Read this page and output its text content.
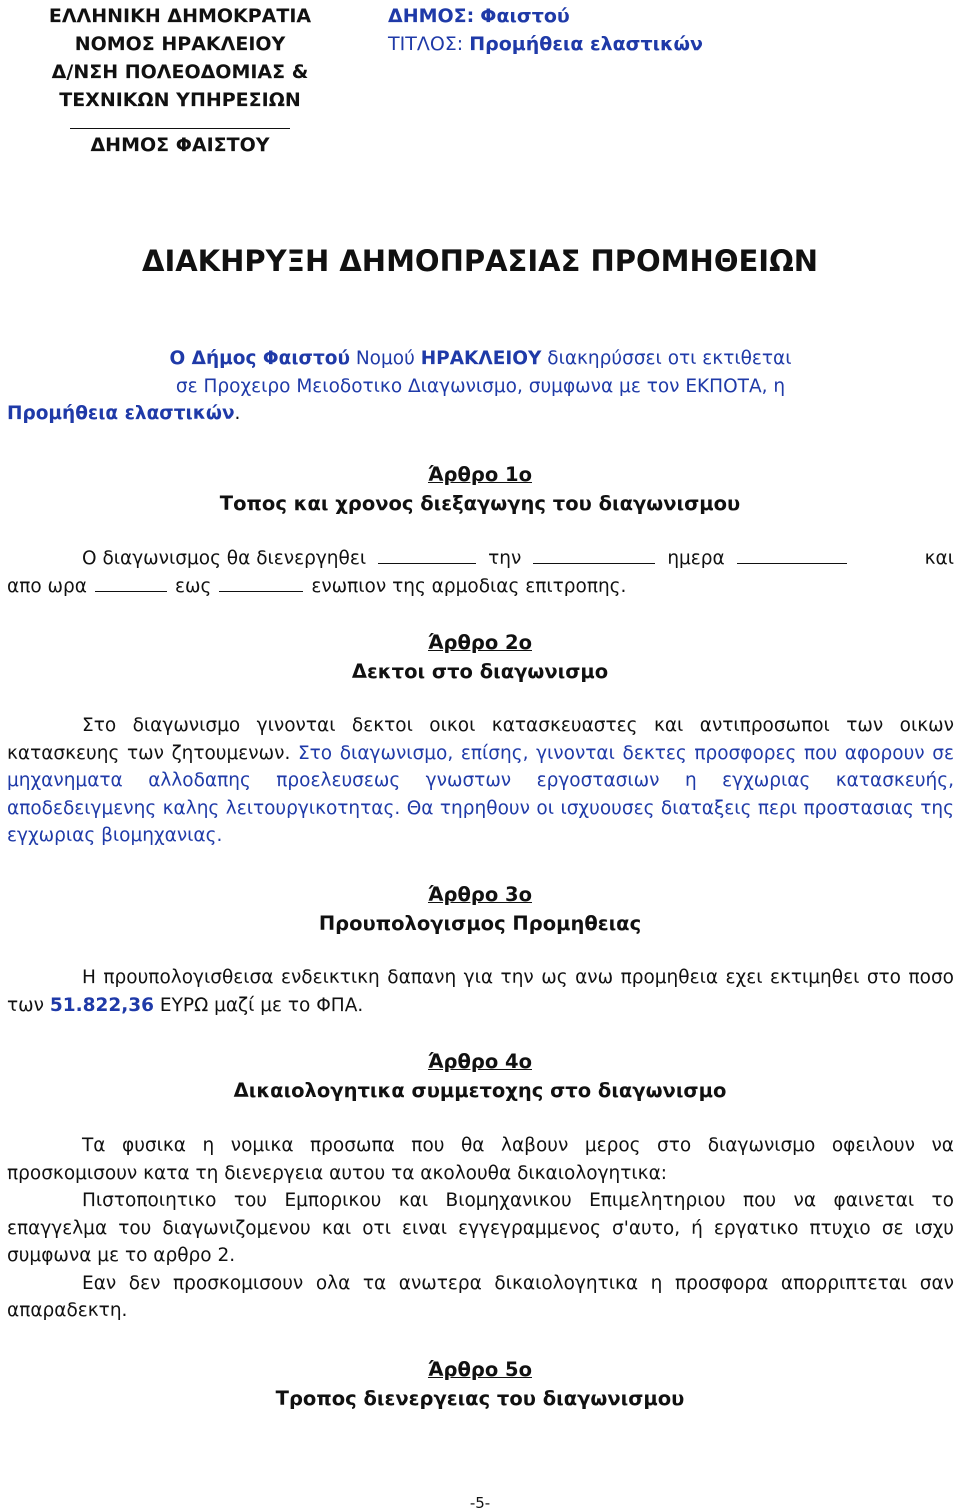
ΕΛΛΗΝΙΚΗ ΔΗΜΟΚΡΑΤΙΑ
ΝΟΜΟΣ ΗΡΑΚΛΕΙΟΥ
Δ/ΝΣΗ ΠΟΛΕΟΔΟΜΙΑΣ &
ΤΕΧΝΙΚΩΝ ΥΠΗΡΕΣΙΩΝ
ΔΗΜΟΣ ΦΑΙΣΤΟΥ
ΔΗΜΟΣ: Φαιστού
ΤΙΤΛΟΣ: Προμήθεια ελαστικών
ΔΙΑΚΗΡΥΞΗ ΔΗΜΟΠΡΑΣΙΑΣ ΠΡΟΜΗΘΕΙΩΝ
Ο Δήμος Φαιστού Νομού ΗΡΑΚΛΕΙΟΥ διακηρύσσει οτι εκτιθεται
σε Προχειρο Μειοδοτικο Διαγωνισμο, συμφωνα με τον ΕΚΠΟΤΑ, η
Προμήθεια ελαστικών.
Άρθρο 1ο
Τοπος και χρονος διεξαγωγης του διαγωνισμου
Ο διαγωνισμος θα διενεργηθει	την	ημερα	και
απο ωρα	εως	ενωπιον της αρμοδιας επιτροπης.
Άρθρο 2ο
Δεκτοι στο διαγωνισμο
Στο διαγωνισμο γινονται δεκτοι οικοι κατασκευαστες και αντιπροσωποι των οικων κατασκευης των ζητουμενων. Στο διαγωνισμο, επίσης, γινονται δεκτες προσφορες που αφορουν σε μηχανηματα αλλοδαπης προελευσεως γνωστων εργοστασιων η εγχωριας κατασκευής, αποδεδειγμενης καλης λειτουργικοτητας. Θα τηρηθουν οι ισχυουσες διαταξεις περι προστασιας της εγχωριας βιομηχανιας.
Άρθρο 3ο
Προυπολογισμος Προμηθειας
Η προυπολογισθεισα ενδεικτικη δαπανη για την ως ανω προμηθεια εχει εκτιμηθει στο ποσο των 51.822,36 ΕΥΡΩ μαζί με το ΦΠΑ.
Άρθρο 4ο
Δικαιολογητικα συμμετοχης στο διαγωνισμο
Τα φυσικα η νομικα προσωπα που θα λαβουν μερος στο διαγωνισμο οφειλουν να προσκομισουν κατα τη διενεργεια αυτου τα ακολουθα δικαιολογητικα:
Πιστοποιητικο του Εμπορικου και Βιομηχανικου Επιμελητηριου που να φαινεται το επαγγελμα του διαγωνιζομενου και οτι ειναι εγγεγραμμενος σ'αυτο, ή εργατικο πτυχιο σε ισχυ συμφωνα με το αρθρο 2.
Εαν δεν προσκομισουν ολα τα ανωτερα δικαιολογητικα η προσφορα απορριπτεται σαν απαραδεκτη.
Άρθρο 5ο
Τροπος διενεργειας του διαγωνισμου
-5-
